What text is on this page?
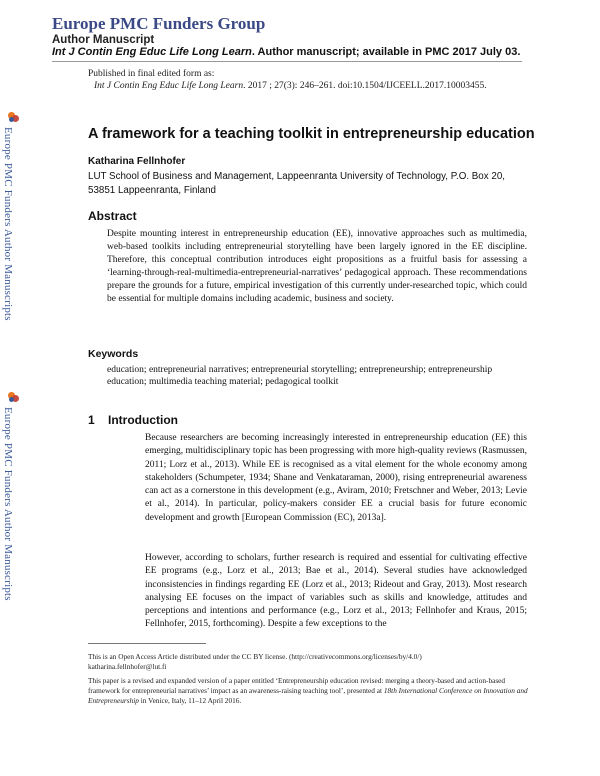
Europe PMC Funders Group
Author Manuscript
Int J Contin Eng Educ Life Long Learn. Author manuscript; available in PMC 2017 July 03.
Published in final edited form as:
Int J Contin Eng Educ Life Long Learn. 2017 ; 27(3): 246–261. doi:10.1504/IJCEELL.2017.10003455.
Europe PMC Funders Author Manuscripts
Europe PMC Funders Author Manuscripts
A framework for a teaching toolkit in entrepreneurship education
Katharina Fellnhofer
LUT School of Business and Management, Lappeenranta University of Technology, P.O. Box 20, 53851 Lappeenranta, Finland
Abstract
Despite mounting interest in entrepreneurship education (EE), innovative approaches such as multimedia, web-based toolkits including entrepreneurial storytelling have been largely ignored in the EE discipline. Therefore, this conceptual contribution introduces eight propositions as a fruitful basis for assessing a ‘learning-through-real-multimedia-entrepreneurial-narratives’ pedagogical approach. These recommendations prepare the grounds for a future, empirical investigation of this currently under-researched topic, which could be essential for multiple domains including academic, business and society.
Keywords
education; entrepreneurial narratives; entrepreneurial storytelling; entrepreneurship; entrepreneurship education; multimedia teaching material; pedagogical toolkit
1 Introduction
Because researchers are becoming increasingly interested in entrepreneurship education (EE) this emerging, multidisciplinary topic has been progressing with more high-quality reviews (Rasmussen, 2011; Lorz et al., 2013). While EE is recognised as a vital element for the whole economy among stakeholders (Schumpeter, 1934; Shane and Venkataraman, 2000), rising entrepreneurial awareness can act as a cornerstone in this development (e.g., Aviram, 2010; Fretschner and Weber, 2013; Levie et al., 2014). In particular, policy-makers consider EE a crucial basis for future economic development and growth [European Commission (EC), 2013a].
However, according to scholars, further research is required and essential for cultivating effective EE programs (e.g., Lorz et al., 2013; Bae et al., 2014). Several studies have acknowledged inconsistencies in findings regarding EE (Lorz et al., 2013; Rideout and Gray, 2013). Most research analysing EE focuses on the impact of variables such as skills and knowledge, attitudes and perceptions and intentions and performance (e.g., Lorz et al., 2013; Fellnhofer and Kraus, 2015; Fellnhofer, 2015, forthcoming). Despite a few exceptions to the
This is an Open Access Article distributed under the CC BY license. (http://creativecommons.org/licenses/by/4.0/)
katharina.fellnhofer@lut.fi
This paper is a revised and expanded version of a paper entitled ‘Entrepreneurship education revised: merging a theory-based and action-based framework for entrepreneurial narratives’ impact as an awareness-raising teaching tool’, presented at 18th International Conference on Innovation and Entrepreneurship in Venice, Italy, 11–12 April 2016.
